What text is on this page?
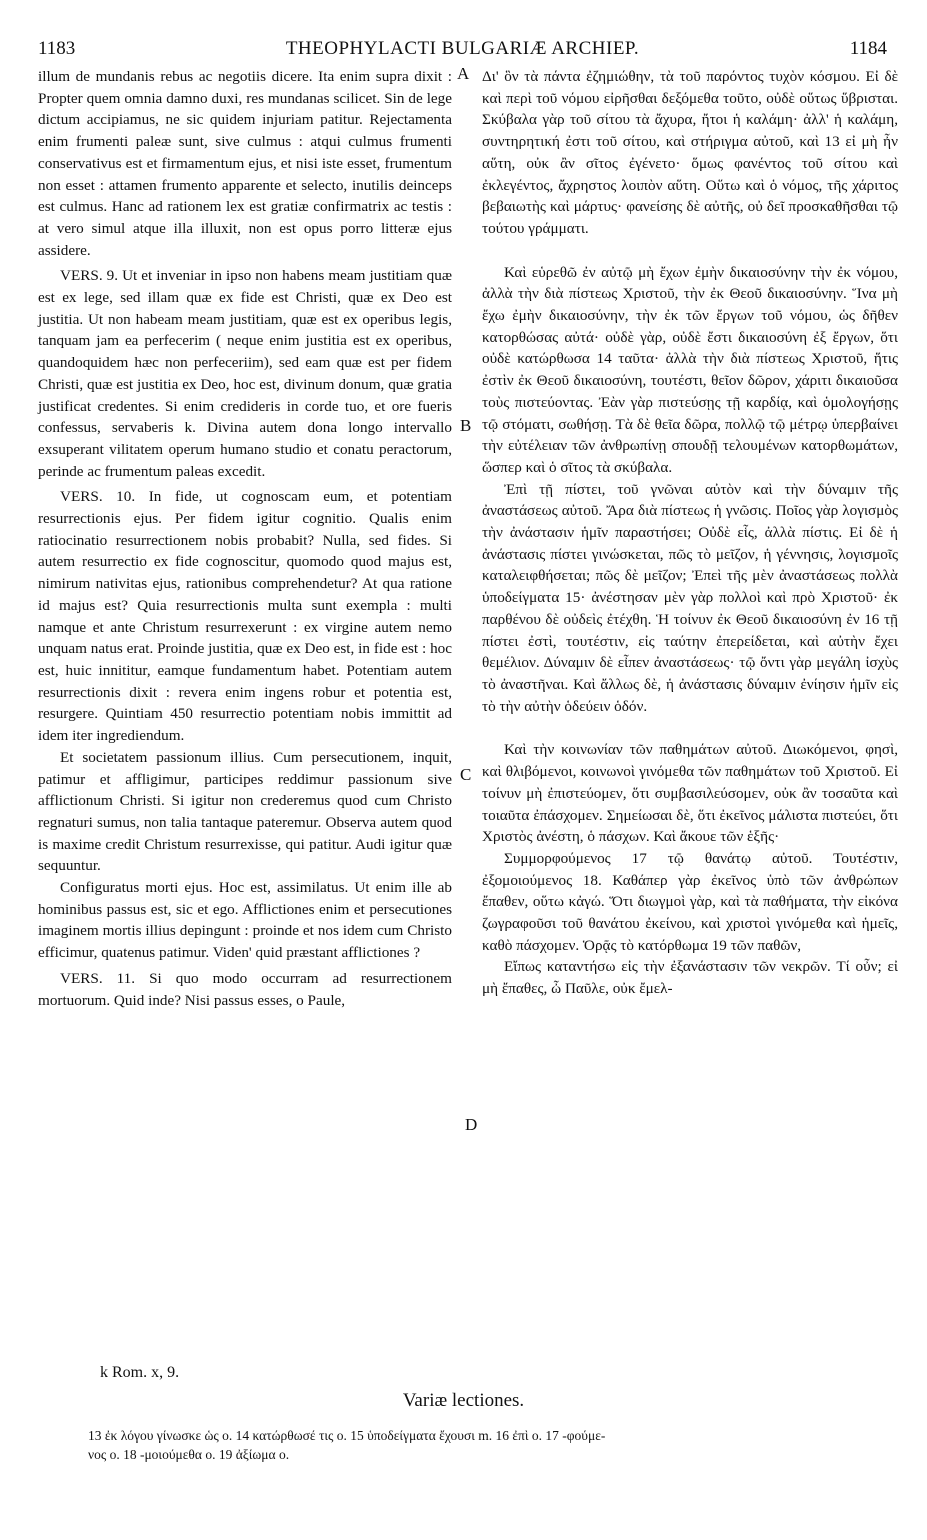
1183	THEOPHYLACTI BULGARIÆ ARCHIEP.	1184
A
B
C
D

illum de mundanis rebus ac negotiis dicere. Ita enim supra dixit : Propter quem omnia damno duxi, res mundanas scilicet. Sin de lege dictum accipiamus, ne sic quidem injuriam patitur. Rejectamenta enim frumenti paleæ sunt, sive culmus : atqui culmus frumenti conservativus est et firmamentum ejus, et nisi iste esset, frumentum non esset : attamen frumento apparente et selecto, inutilis deinceps est culmus. Hanc ad rationem lex est gratiæ confirmatrix ac testis : at vero simul atque illa illuxit, non est opus porro litteræ ejus assidere.

VERS. 9. Ut et inveniar in ipso non habens meam justitiam quæ est ex lege, sed illam quæ ex fide est Christi, quæ ex Deo est justitia. Ut non habeam meam justitiam, quæ est ex operibus legis, tanquam jam ea perfecerim ( neque enim justitia est ex operibus, quandoquidem hæc non perfeceriim), sed eam quæ est per fidem Christi, quæ est justitia ex Deo, hoc est, divinum donum, quæ gratia justificat credentes. Si enim credideris in corde tuo, et ore fueris confessus, servaberis k. Divina autem dona longo intervallo exsuperant vilitatem operum humano studio et conatu peractorum, perinde ac frumentum paleas excedit.

VERS. 10. In fide, ut cognoscam eum, et potentiam resurrectionis ejus. Per fidem igitur cognitio. Qualis enim ratiocinatio resurrectionem nobis probabit? Nulla, sed fides. Si autem resurrectio ex fide cognoscitur, quomodo quod majus est, nimirum nativitas ejus, rationibus comprehendetur? At qua ratione id majus est? Quia resurrectionis multa sunt exempla : multi namque et ante Christum resurrexerunt : ex virgine autem nemo unquam natus erat. Proinde justitia, quæ ex Deo est, in fide est : hoc est, huic innititur, eamque fundamentum habet. Potentiam autem resurrectionis dixit : revera enim ingens robur et potentia est, resurgere. Quintiam 450 resurrectio potentiam nobis immittit ad idem iter ingrediendum.

Et societatem passionum illius. Cum persecutionem, inquit, patimur et affligimur, participes reddimur passionum sive afflictionum Christi. Si igitur non crederemus quod cum Christo regnaturi sumus, non talia tantaque pateremur. Observa autem quod is maxime credit Christum resurrexisse, qui patitur. Audi igitur quæ sequuntur.

Configuratus morti ejus. Hoc est, assimilatus. Ut enim ille ab hominibus passus est, sic et ego. Afflictiones enim et persecutiones imaginem mortis illius depingunt : proinde et nos idem cum Christo efficimur, quatenus patimur. Viden' quid præstant afflictiones ?

VERS. 11. Si quo modo occurram ad resurrectionem mortuorum. Quid inde? Nisi passus esses, o Paule,

Δι' ὃν τὰ πάντα ἐζημιώθην, τὰ τοῦ παρόντος τυχὸν κόσμου. Εἰ δὲ καὶ περὶ τοῦ νόμου εἰρῆσθαι δεξόμεθα τοῦτο, οὐδὲ οὕτως ὕβρισται. Σκύβαλα γὰρ τοῦ σίτου τὰ ἄχυρα, ἤτοι ἡ καλάμη· ἀλλ' ἡ καλάμη, συντηρητική ἐστι τοῦ σίτου, καὶ στήριγμα αὐτοῦ, καὶ 13 εἰ μὴ ἦν αὕτη, οὐκ ἂν σῖτος ἐγένετο· ὅμως φανέντος τοῦ σίτου καὶ ἐκλεγέντος, ἄχρηστος λοιπὸν αὕτη. Οὕτω καὶ ὁ νόμος, τῆς χάριτος βεβαιωτὴς καὶ μάρτυς· φανείσης δὲ αὐτῆς, οὐ δεῖ προσκαθῆσθαι τῷ τούτου γράμματι.

Καὶ εὑρεθῶ ἐν αὐτῷ μὴ ἔχων ἐμὴν δικαιοσύνην τὴν ἐκ νόμου, ἀλλὰ τὴν διὰ πίστεως Χριστοῦ, τὴν ἐκ Θεοῦ δικαιοσύνην. Ἵνα μὴ ἔχω ἐμὴν δικαιοσύνην, τὴν ἐκ τῶν ἔργων τοῦ νόμου, ὡς δῆθεν κατορθώσας αὐτά· οὐδὲ γὰρ, οὐδὲ ἔστι δικαιοσύνη ἐξ ἔργων, ὅτι οὐδὲ κατώρθωσα 14 ταῦτα· ἀλλὰ τὴν διὰ πίστεως Χριστοῦ, ἥτις ἐστὶν ἐκ Θεοῦ δικαιοσύνη, τουτέστι, θεῖον δῶρον, χάριτι δικαιοῦσα τοὺς πιστεύοντας. Ἐὰν γὰρ πιστεύσῃς τῇ καρδίᾳ, καὶ ὁμολογήσῃς τῷ στόματι, σωθήσῃ. Τὰ δὲ θεῖα δῶρα, πολλῷ τῷ μέτρῳ ὑπερβαίνει τὴν εὐτέλειαν τῶν ἀνθρωπίνῃ σπουδῇ τελουμένων κατορθωμάτων, ὥσπερ καὶ ὁ σῖτος τὰ σκύβαλα.

Ἐπὶ τῇ πίστει, τοῦ γνῶναι αὐτὸν καὶ τὴν δύναμιν τῆς ἀναστάσεως αὐτοῦ. Ἄρα διὰ πίστεως ἡ γνῶσις. Ποῖος γὰρ λογισμὸς τὴν ἀνάστασιν ἡμῖν παραστήσει; Οὐδὲ εἷς, ἀλλὰ πίστις. Εἰ δὲ ἡ ἀνάστασις πίστει γινώσκεται, πῶς τὸ μεῖζον, ἡ γέννησις, λογισμοῖς καταλειφθήσεται; πῶς δὲ μεῖζον; Ἐπεὶ τῆς μὲν ἀναστάσεως πολλὰ ὑποδείγματα 15· ἀνέστησαν μὲν γὰρ πολλοὶ καὶ πρὸ Χριστοῦ· ἐκ παρθένου δὲ οὐδεὶς ἐτέχθη. Ἡ τοίνυν ἐκ Θεοῦ δικαιοσύνη ἐν 16 τῇ πίστει ἐστὶ, τουτέστιν, εἰς ταύτην ἐπερείδεται, καὶ αὐτὴν ἔχει θεμέλιον. Δύναμιν δὲ εἶπεν ἀναστάσεως· τῷ ὄντι γὰρ μεγάλη ἰσχὺς τὸ ἀναστῆναι. Καὶ ἄλλως δὲ, ἡ ἀνάστασις δύναμιν ἐνίησιν ἡμῖν εἰς τὸ τὴν αὐτὴν ὁδεύειν ὁδόν.

Καὶ τὴν κοινωνίαν τῶν παθημάτων αὐτοῦ. Διωκόμενοι, φησὶ, καὶ θλιβόμενοι, κοινωνοὶ γινόμεθα τῶν παθημάτων τοῦ Χριστοῦ. Εἰ τοίνυν μὴ ἐπιστεύομεν, ὅτι συμβασιλεύσομεν, οὐκ ἂν τοσαῦτα καὶ τοιαῦτα ἐπάσχομεν. Σημείωσαι δὲ, ὅτι ἐκεῖνος μάλιστα πιστεύει, ὅτι Χριστὸς ἀνέστη, ὁ πάσχων. Καὶ ἄκουε τῶν ἑξῆς·

Συμμορφούμενος 17 τῷ θανάτῳ αὐτοῦ. Τουτέστιν, ἐξομοιούμενος 18. Καθάπερ γὰρ ἐκεῖνος ὑπὸ τῶν ἀνθρώπων ἔπαθεν, οὕτω κἀγώ. Ὅτι διωγμοὶ γὰρ, καὶ τὰ παθήματα, τὴν εἰκόνα ζωγραφοῦσι τοῦ θανάτου ἐκείνου, καὶ χριστοὶ γινόμεθα καὶ ἡμεῖς, καθὸ πάσχομεν. Ὁρᾷς τὸ κατόρθωμα 19 τῶν παθῶν,

Εἴπως καταντήσω εἰς τὴν ἐξανάστασιν τῶν νεκρῶν. Τί οὖν; εἰ μὴ ἔπαθες, ὦ Παῦλε, οὐκ ἔμελ-

k Rom. x, 9.
Variæ lectiones.

13 ἐκ λόγου γίνωσκε ὡς ο. 14 κατώρθωσέ τις ο. 15 ὑποδείγματα ἔχουσι m. 16 ἐπὶ ο. 17 -φούμε-

νος ο. 18 -μοιούμεθα ο. 19 ἀξίωμα ο.
